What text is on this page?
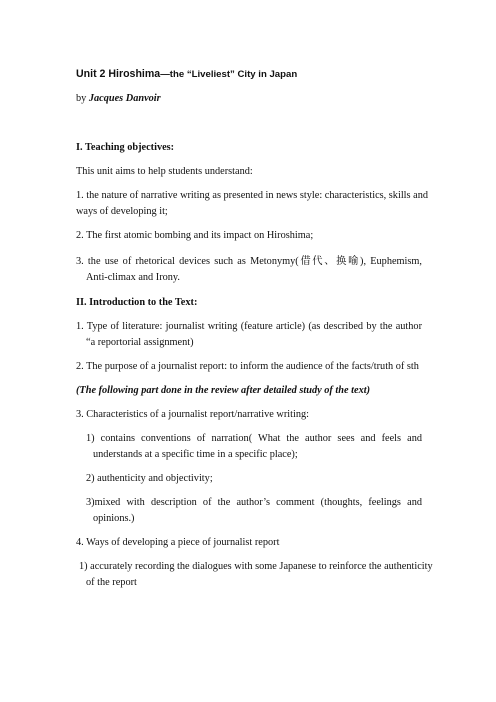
Unit 2 Hiroshima—the “Liveliest” City in Japan
by Jacques Danvoir
I. Teaching objectives:
This unit aims to help students understand:
1. the nature of narrative writing as presented in news style: characteristics, skills and
ways of developing it;
2. The first atomic bombing and its impact on Hiroshima;
3. the use of rhetorical devices such as Metonymy(借代、换喻), Euphemism,
Anti-climax and Irony.
II. Introduction to the Text:
1. Type of literature: journalist writing (feature article) (as described by the author
“a reportorial assignment)
2. The purpose of a journalist report: to inform the audience of the facts/truth of sth
(The following part done in the review after detailed study of the text)
3. Characteristics of a journalist report/narrative writing:
1) contains conventions of narration( What the author sees and feels and
understands at a specific time in a specific place);
2) authenticity and objectivity;
3)mixed with description of the author’s comment (thoughts, feelings and
opinions.)
4. Ways of developing a piece of journalist report
1) accurately recording the dialogues with some Japanese to reinforce the authenticity
of the report
